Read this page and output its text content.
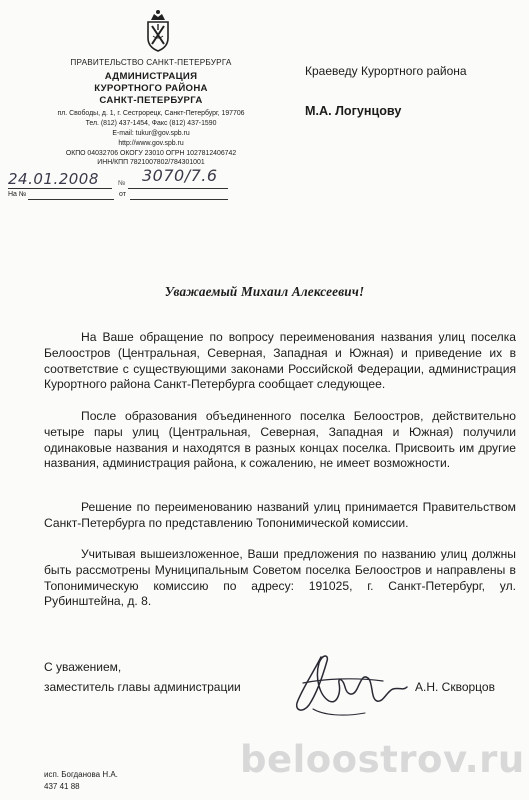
ПРАВИТЕЛЬСТВО САНКТ-ПЕТЕРБУРГА
АДМИНИСТРАЦИЯ
КУРОРТНОГО РАЙОНА
САНКТ-ПЕТЕРБУРГА
пл. Свободы, д. 1, г. Сестрорецк, Санкт-Петербург, 197706
Тел. (812) 437-1454, Факс (812) 437-1590
E-mail: tukur@gov.spb.ru
http://www.gov.spb.ru
ОКПО 04032706 ОКОГУ 23010 ОГРН 1027812406742
ИНН/КПП 7821007802/784301001
24.01.2008	№ 3070/7.6
На №	от
Краеведу Курортного района
М.А. Логунцову
Уважаемый Михаил Алексеевич!

На Ваше обращение по вопросу переименования названия улиц поселка Белоостров (Центральная, Северная, Западная и Южная) и приведение их в соответствие с существующими законами Российской Федерации, администрация Курортного района Санкт-Петербурга сообщает следующее.

После образования объединенного поселка Белоостров, действительно четыре пары улиц (Центральная, Северная, Западная и Южная) получили одинаковые названия и находятся в разных концах поселка. Присвоить им другие названия, администрация района, к сожалению, не имеет возможности.

Решение по переименованию названий улиц принимается Правительством Санкт-Петербурга по представлению Топонимической комиссии.

Учитывая вышеизложенное, Ваши предложения по названию улиц должны быть рассмотрены Муниципальным Советом поселка Белоостров и направлены в Топонимическую комиссию по адресу: 191025, г. Санкт-Петербург, ул. Рубинштейна, д. 8.

С уважением,
заместитель главы администрации	А.Н. Скворцов
beloostrov.ru
исп. Богданова Н.А.
437 41 88
